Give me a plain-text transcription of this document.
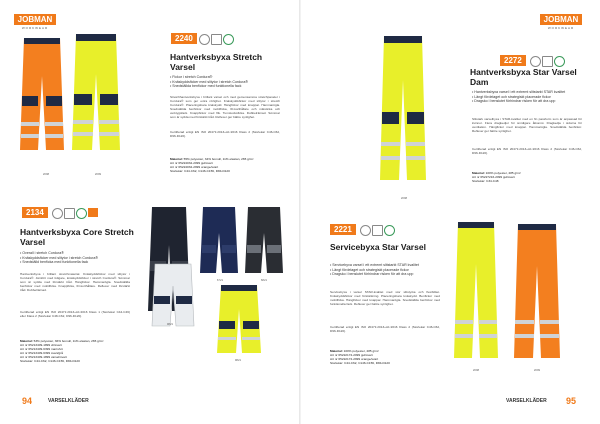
JOBMAN
WORKWEAR
2098	2099
2240
Hantverksbyxa Stretch Varsel
• Fickor i stretch Cordura®
• Knäskyddsficker med slitytor i stretch Cordura®
• Snedställda benfickor med funktionella fack
Stretchhantverksbyxa i brillant varsel och med gemensamma stretchpaneler i Cordura® som ger extra rörlighet. Knäskyddsfickor med slitytor i stretch Cordura®. Placeringsbara knäskydd. Hängfickor med knappar. Hammarögla. Snedställda benfickor med mobilficka, ID-korthållare och mätsticka och verktygsfack. Knappfickor med flik. Tumstocksficka. Dubbelrärnad. Sömmar som är sydda med förstärkt tråd. Reflexer ger bättre synlighet.
Certifierad enligt EN ISO 20471:2013+A1:2016 Klass 2 (Storlekar C46-C62, D96-D120).
Material: 55% polyester, 34% bomull, 11% elastan, 265 g/m²
Art nr 65224032-2099 gul/svart
Art nr 65224032-2999 orange/svart
Storlekar: C44-C62, C146-C156, D84-D120
2134
Hantverksbyxa Core Stretch Varsel
• Overall i stretch Cordura®
• Knäskyddsficker med slitytor i stretch Cordura®
• Snedställd benficka med funktionella fack
Hantverksbyxa i brillant stretchmaterial. Knäskyddsfickor med slitytor i Cordura®. Jämfört med tidigare, knäskyddsfickor i stretch Cordura®. Sömmar som är sydda med förstärkt tråd. Hängfickor. Hammarögla. Snedställda benfickor med mobilficka. Knappficka, ID-korthållare. Reflexer med förstärkt tråd. Dubbelrärnad.
Certifierad enligt EN ISO 20471:2013+A1:2016 Klass 1 (Storlekar C44-C46) eller Klass 2 (Storlekar C48-C62, D96-D120).
Material: 53% polyester, 36% bomull, 11% elastan, 265 g/m²
Art nr 65213409-1899 vit/svart
Art nr 65213409-6399 marin/vit
Art nr 65213409-6399 svart/grå
Art nr 65213409-1899 varsel/svart
Storlekar: C44-C62, C146-C156, D84-D120
9821
6721	6821
9821
94	VARSELKLÄDER
JOBMAN
WORKWEAR
2098
2272
Hantverksbyxa Star Varsel Dam
• Hantverksbyxa varsel i ett extremt slitstarkt STAR kvalitet
• Längt fördelaget och strategiskt placerade fickor
• Dragsko i benslutet förhindrar risken för att dra upp
Slitstark varselbyxa i STAR-kvalitet med en fin passform som är anpassad för kvinnor. Flera dragkedjor för smidigare åtkomst. Dragkedja i sidorna för ventilation. Hängfickor med knappar. Hammarögla. Snedställda benfickor. Reflexer ger bättre synlighet.
Certifierad enligt EN ISO 20471:2013+A1:2016 Klass 2 (Storlekar C46-C62, D96-D120).
Material: 100% polyester, 285 g/m²
Art nr 65227216-2099 gul/svart
Storlekar: C34-C48
2221
Servicebyxa Star Varsel
• Servicebyxa varsel i ett extremt slitstarkt STAR kvalitet
• Längt fördelaget och strategiskt placerade fickor
• Dragsko i benslutet förhindrar risken för att dra upp
Servicebyxa i varsel STAR-kvalitet med stor slitstyrka och flexibilitet. Knäskyddsfickor med förstärkning. Placeringsbara knäskydd. Benfickor med mobilficka. Hängfickor med knappar. Hammarögla. Snedställda benfickor med funktionella fack. Reflexer ger bättre synlighet.
Certifierad enligt EN ISO 20471:2013+A1:2016 Klass 2 (Storlekar C46-C62, D96-D120).
Material: 100% polyester, 285 g/m²
Art nr 65222172-2099 gul/svart
Art nr 65222172-2999 orange/svart
Storlekar: C44-C62, C146-C156, D84-D120
2098	2099
VARSELKLÄDER 95
